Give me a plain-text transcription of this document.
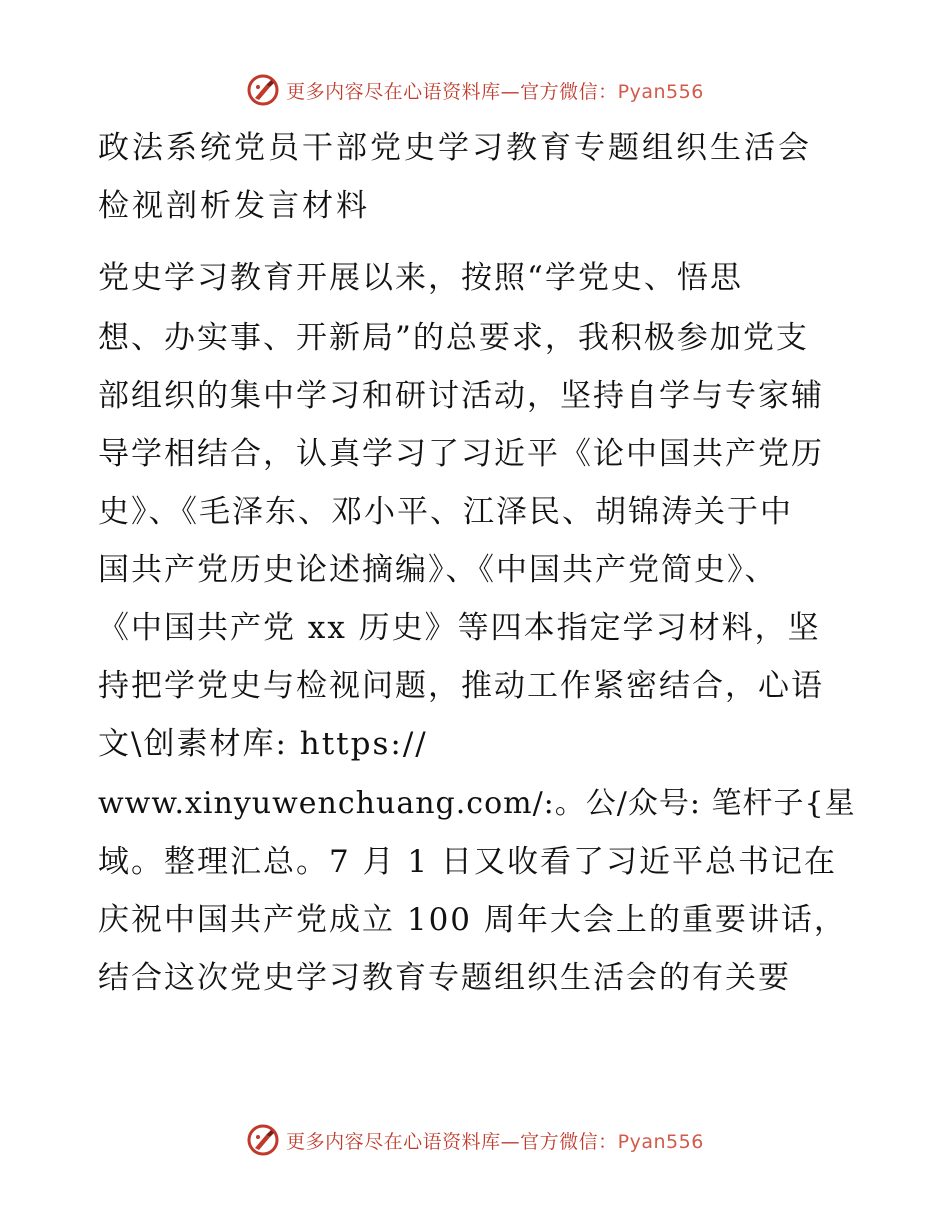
更多内容尽在心语资料库—官方微信：Pyan556
政法系统党员干部党史学习教育专题组织生活会
检视剖析发言材料
党史学习教育开展以来，按照“学党史、悟思
想、办实事、开新局”的总要求，我积极参加党支
部组织的集中学习和研讨活动，坚持自学与专家辅
导学相结合，认真学习了习近平《论中国共产党历
史》、《毛泽东、邓小平、江泽民、胡锦涛关于中
国共产党历史论述摘编》、《中国共产党简史》、
《中国共产党 xx 历史》等四本指定学习材料，坚
持把学党史与检视问题，推动工作紧密结合，心语
文\创素材库: https://
www.xinyuwenchuang.com/:。公/众号: 笔杆子{星
域。整理汇总。7 月 1 日又收看了习近平总书记在
庆祝中国共产党成立 100 周年大会上的重要讲话，
结合这次党史学习教育专题组织生活会的有关要
更多内容尽在心语资料库—官方微信：Pyan556
